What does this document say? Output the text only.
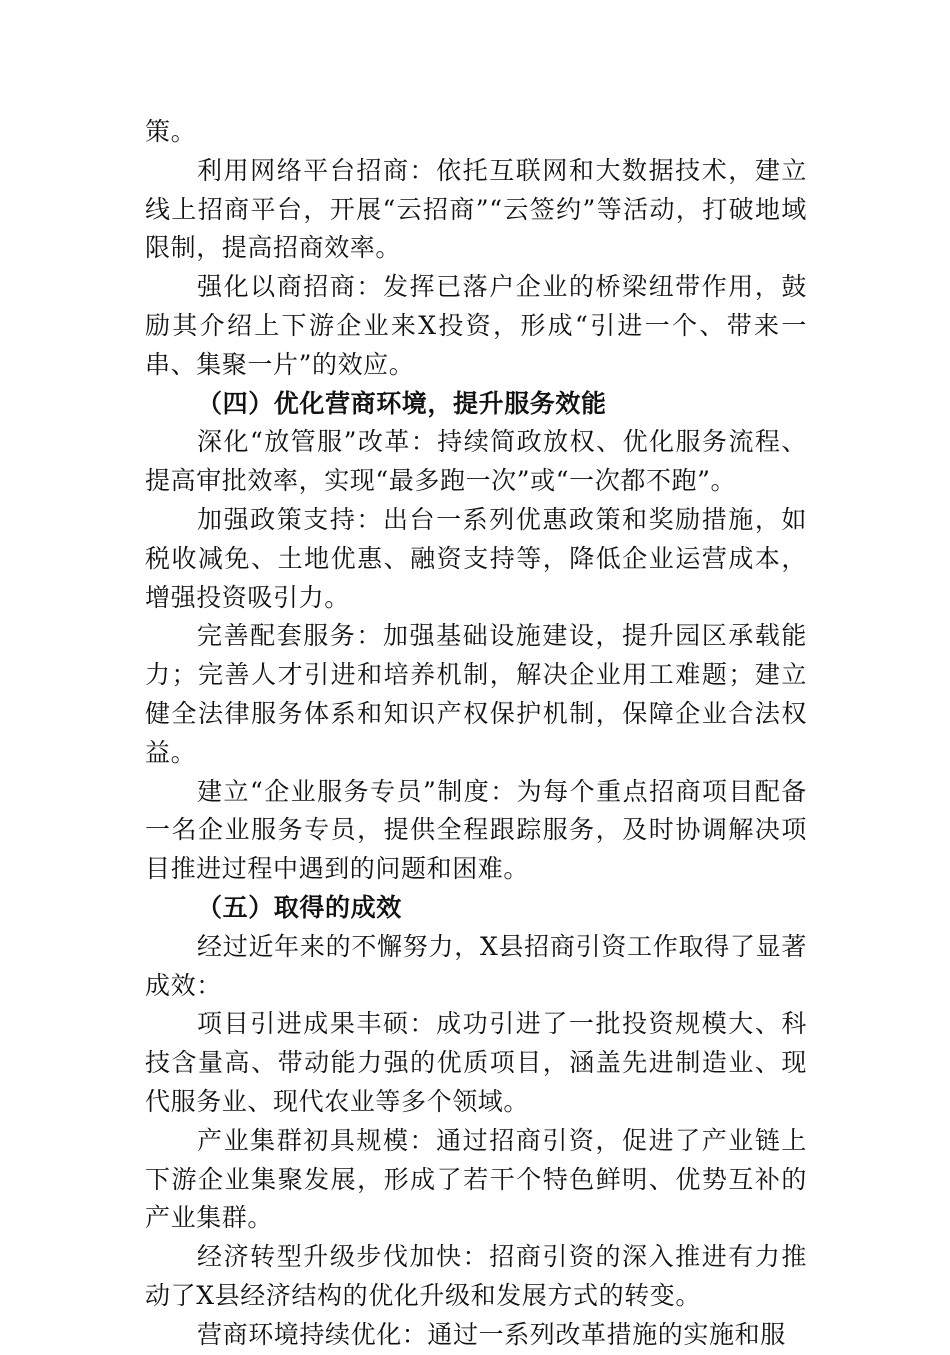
策。

利用网络平台招商：依托互联网和大数据技术，建立线上招商平台，开展“云招商”“云签约”等活动，打破地域限制，提高招商效率。

强化以商招商：发挥已落户企业的桥梁纽带作用，鼓励其介绍上下游企业来X投资，形成“引进一个、带来一串、集聚一片”的效应。

（四）优化营商环境，提升服务效能

深化“放管服”改革：持续简政放权、优化服务流程、提高审批效率，实现“最多跑一次”或“一次都不跑”。

加强政策支持：出台一系列优惠政策和奖励措施，如税收减免、土地优惠、融资支持等，降低企业运营成本，增强投资吸引力。

完善配套服务：加强基础设施建设，提升园区承载能力；完善人才引进和培养机制，解决企业用工难题；建立健全法律服务体系和知识产权保护机制，保障企业合法权益。

建立“企业服务专员”制度：为每个重点招商项目配备一名企业服务专员，提供全程跟踪服务，及时协调解决项目推进过程中遇到的问题和困难。

（五）取得的成效

经过近年来的不懈努力，X县招商引资工作取得了显著成效：

项目引进成果丰硕：成功引进了一批投资规模大、科技含量高、带动能力强的优质项目，涵盖先进制造业、现代服务业、现代农业等多个领域。

产业集群初具规模：通过招商引资，促进了产业链上下游企业集聚发展，形成了若干个特色鲜明、优势互补的产业集群。

经济转型升级步伐加快：招商引资的深入推进有力推动了X县经济结构的优化升级和发展方式的转变。

营商环境持续优化：通过一系列改革措施的实施和服
